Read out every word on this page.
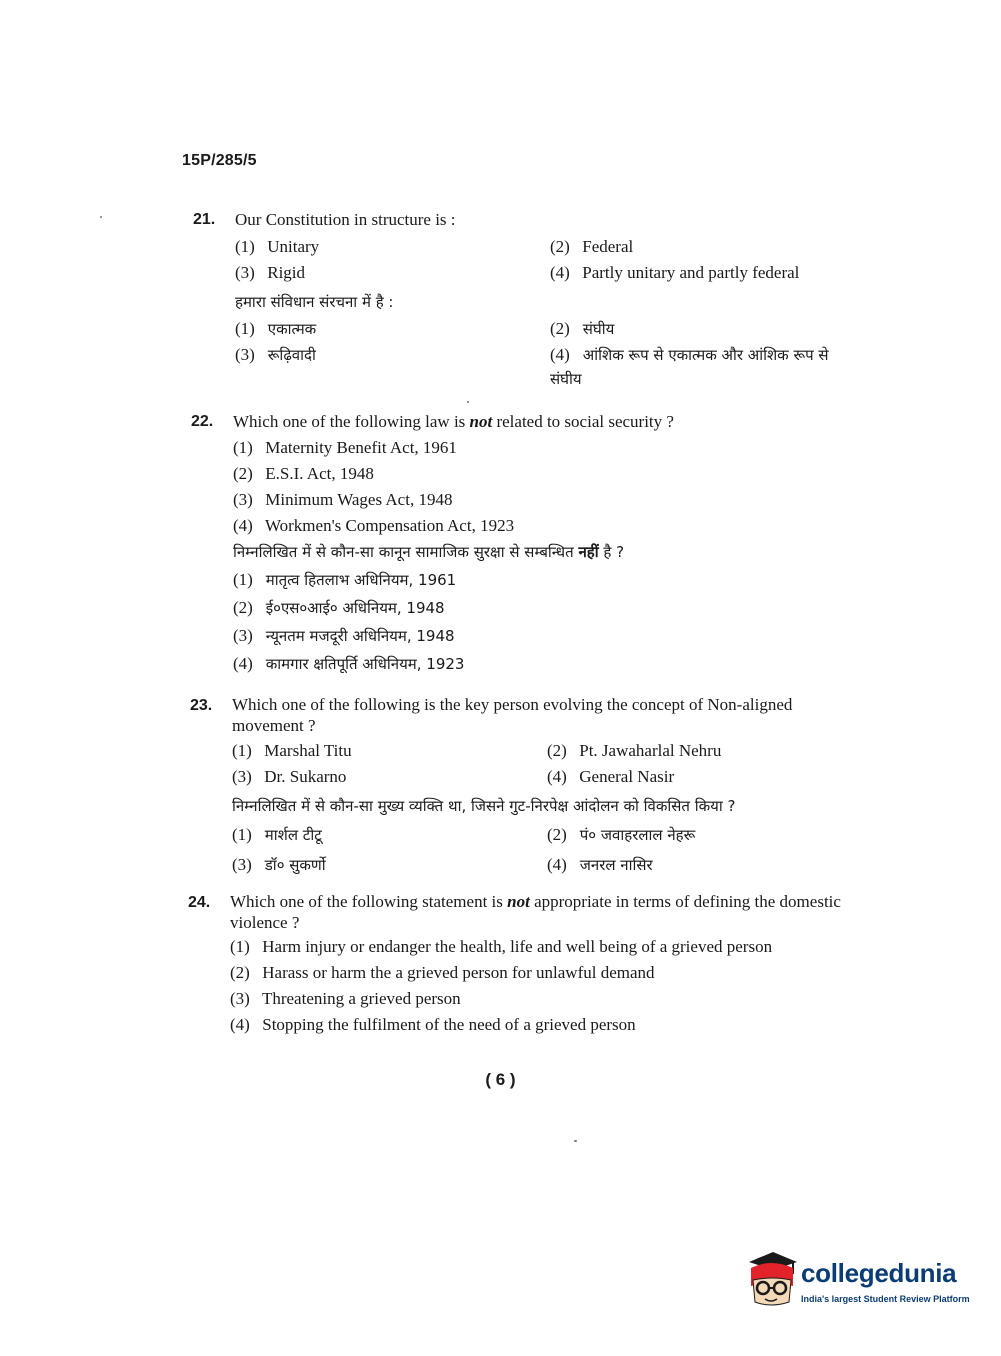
15P/285/5
21.	Our Constitution in structure is :
(1) Unitary	(2) Federal
(3) Rigid	(4) Partly unitary and partly federal
हमारा संविधान संरचना में है :
(1) एकात्मक	(2) संघीय
(3) रूढ़िवादी	(4) आंशिक रूप से एकात्मक और आंशिक रूप से संघीय
22.	Which one of the following law is not related to social security ?
(1) Maternity Benefit Act, 1961
(2) E.S.I. Act, 1948
(3) Minimum Wages Act, 1948
(4) Workmen's Compensation Act, 1923
निम्नलिखित में से कौन-सा कानून सामाजिक सुरक्षा से सम्बन्धित नहीं है ?
(1) मातृत्व हितलाभ अधिनियम, 1961
(2) ई०एस०आई० अधिनियम, 1948
(3) न्यूनतम मजदूरी अधिनियम, 1948
(4) कामगार क्षतिपूर्ति अधिनियम, 1923
23.	Which one of the following is the key person evolving the concept of Non-aligned movement ?
(1) Marshal Titu	(2) Pt. Jawaharlal Nehru
(3) Dr. Sukarno	(4) General Nasir
निम्नलिखित में से कौन-सा मुख्य व्यक्ति था, जिसने गुट-निरपेक्ष आंदोलन को विकसित किया ?
(1) मार्शल टीटू	(2) पं० जवाहरलाल नेहरू
(3) डॉ० सुकर्णो	(4) जनरल नासिर
24.	Which one of the following statement is not appropriate in terms of defining the domestic violence ?
(1) Harm injury or endanger the health, life and well being of a grieved person
(2) Harass or harm the a grieved person for unlawful demand
(3) Threatening a grieved person
(4) Stopping the fulfilment of the need of a grieved person
( 6 )
collegedunia
India's largest Student Review Platform
